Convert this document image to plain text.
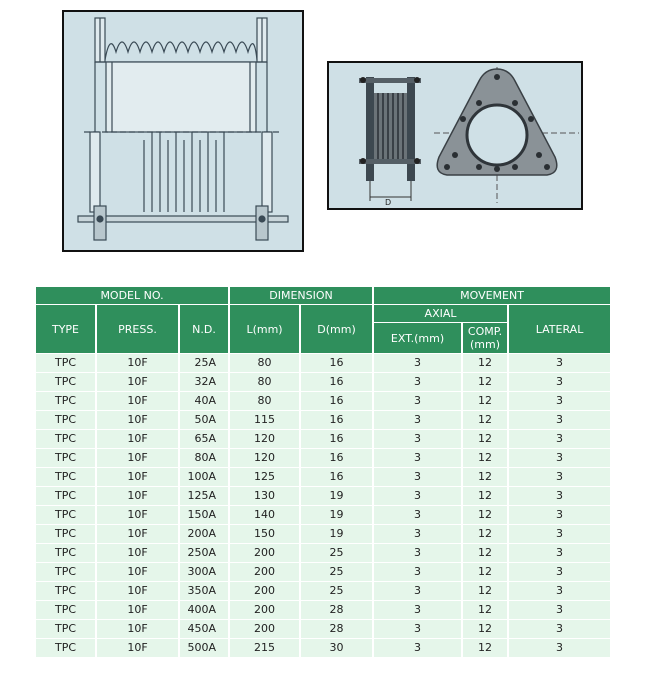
D
MODEL NO.			DIMENSION		MOVEMENT		
TYPE	PRESS.	N.D.	L(mm)	D(mm)	AXIAL		LATERAL
					EXT.(mm)	COMP.
(mm)	
TPC	10F	25A	80	16	3	12	3
TPC	10F	32A	80	16	3	12	3
TPC	10F	40A	80	16	3	12	3
TPC	10F	50A	115	16	3	12	3
TPC	10F	65A	120	16	3	12	3
TPC	10F	80A	120	16	3	12	3
TPC	10F	100A	125	16	3	12	3
TPC	10F	125A	130	19	3	12	3
TPC	10F	150A	140	19	3	12	3
TPC	10F	200A	150	19	3	12	3
TPC	10F	250A	200	25	3	12	3
TPC	10F	300A	200	25	3	12	3
TPC	10F	350A	200	25	3	12	3
TPC	10F	400A	200	28	3	12	3
TPC	10F	450A	200	28	3	12	3
TPC	10F	500A	215	30	3	12	3
